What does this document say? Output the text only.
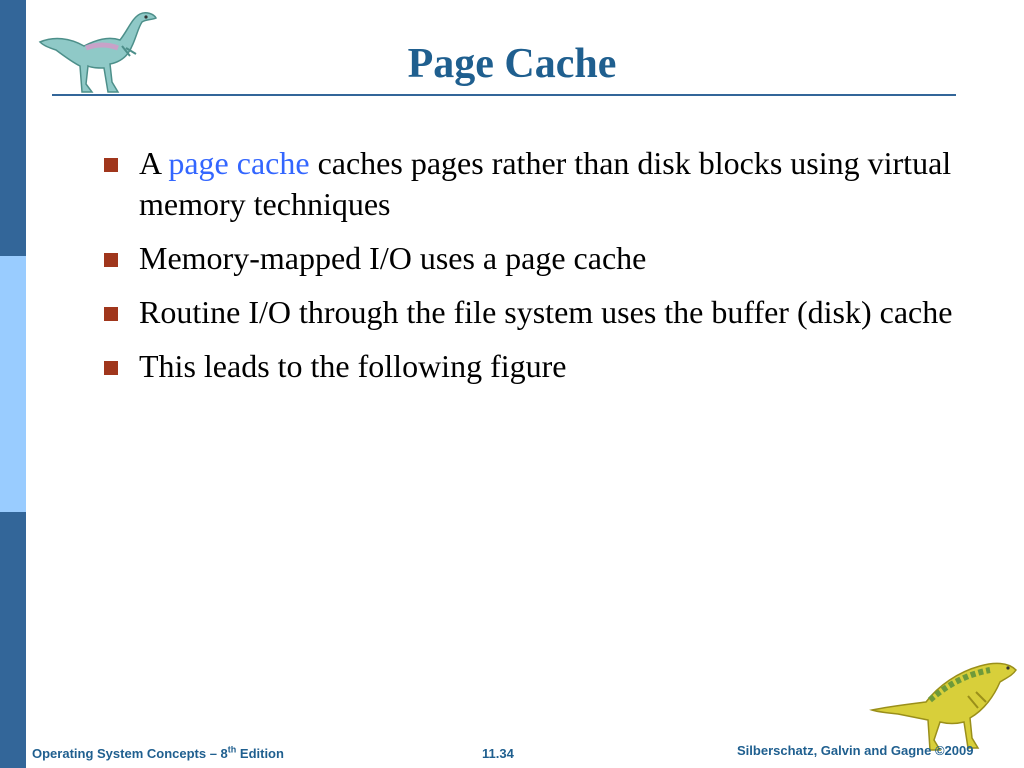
Page Cache
A page cache caches pages rather than disk blocks using virtual memory techniques
Memory-mapped I/O uses a page cache
Routine I/O through the file system uses the buffer (disk) cache
This leads to the following figure
Operating System Concepts – 8th Edition	11.34	Silberschatz, Galvin and Gagne ©2009
